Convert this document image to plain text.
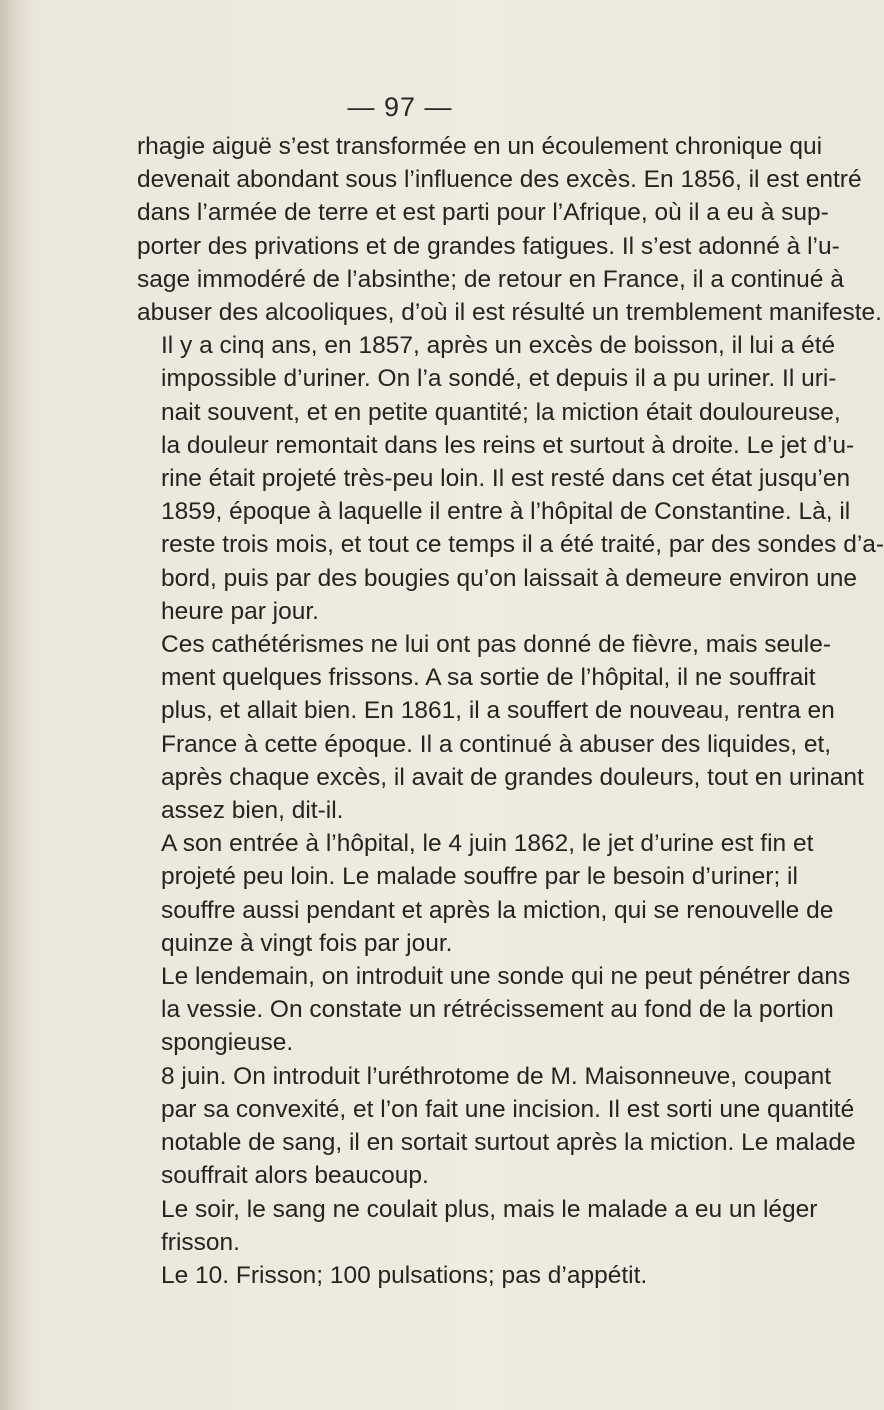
— 97 —
rhagie aiguë s’est transformée en un écoulement chronique qui
devenait abondant sous l’influence des excès. En 1856, il est entré
dans l’armée de terre et est parti pour l’Afrique, où il a eu à sup-
porter des privations et de grandes fatigues. Il s’est adonné à l’u-
sage immodéré de l’absinthe; de retour en France, il a continué à
abuser des alcooliques, d’où il est résulté un tremblement manifeste.
Il y a cinq ans, en 1857, après un excès de boisson, il lui a été
impossible d’uriner. On l’a sondé, et depuis il a pu uriner. Il uri-
nait souvent, et en petite quantité; la miction était douloureuse,
la douleur remontait dans les reins et surtout à droite. Le jet d’u-
rine était projeté très-peu loin. Il est resté dans cet état jusqu’en
1859, époque à laquelle il entre à l’hôpital de Constantine. Là, il
reste trois mois, et tout ce temps il a été traité, par des sondes d’a-
bord, puis par des bougies qu’on laissait à demeure environ une
heure par jour.
Ces cathétérismes ne lui ont pas donné de fièvre, mais seule-
ment quelques frissons. A sa sortie de l’hôpital, il ne souffrait
plus, et allait bien. En 1861, il a souffert de nouveau, rentra en
France à cette époque. Il a continué à abuser des liquides, et,
après chaque excès, il avait de grandes douleurs, tout en urinant
assez bien, dit-il.
A son entrée à l’hôpital, le 4 juin 1862, le jet d’urine est fin et
projeté peu loin. Le malade souffre par le besoin d’uriner; il
souffre aussi pendant et après la miction, qui se renouvelle de
quinze à vingt fois par jour.
Le lendemain, on introduit une sonde qui ne peut pénétrer dans
la vessie. On constate un rétrécissement au fond de la portion
spongieuse.
8 juin. On introduit l’uréthrotome de M. Maisonneuve, coupant
par sa convexité, et l’on fait une incision. Il est sorti une quantité
notable de sang, il en sortait surtout après la miction. Le malade
souffrait alors beaucoup.
Le soir, le sang ne coulait plus, mais le malade a eu un léger
frisson.
Le 10. Frisson; 100 pulsations; pas d’appétit.
